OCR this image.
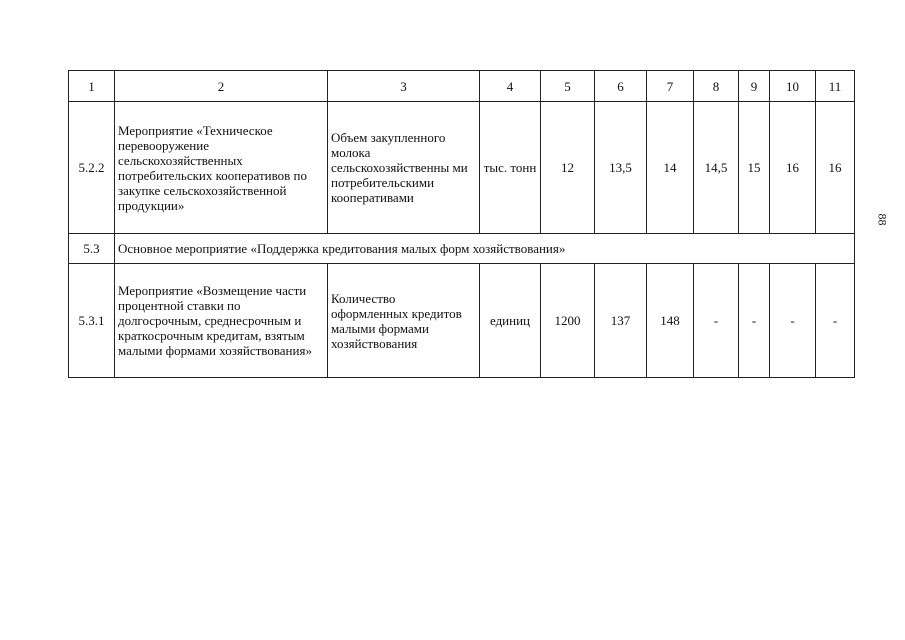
1	2	3	4	5	6	7	8	9	10	11
5.2.2	Мероприятие «Техническое перевооружение сельскохозяйственных потребительских кооперативов по закупке сельскохозяйственной продукции»	Объем закупленного молока сельскохозяйственны ми потребительскими кооперативами	тыс. тонн	12	13,5	14	14,5	15	16	16
5.3	Основное мероприятие «Поддержка кредитования малых форм хозяйствования»									
5.3.1	Мероприятие «Возмещение части процентной ставки по долгосрочным, среднесрочным и краткосрочным кредитам, взятым малыми формами хозяйствования»	Количество оформленных кредитов малыми формами хозяйствования	единиц	1200	137	148	-	-	-	-
88
